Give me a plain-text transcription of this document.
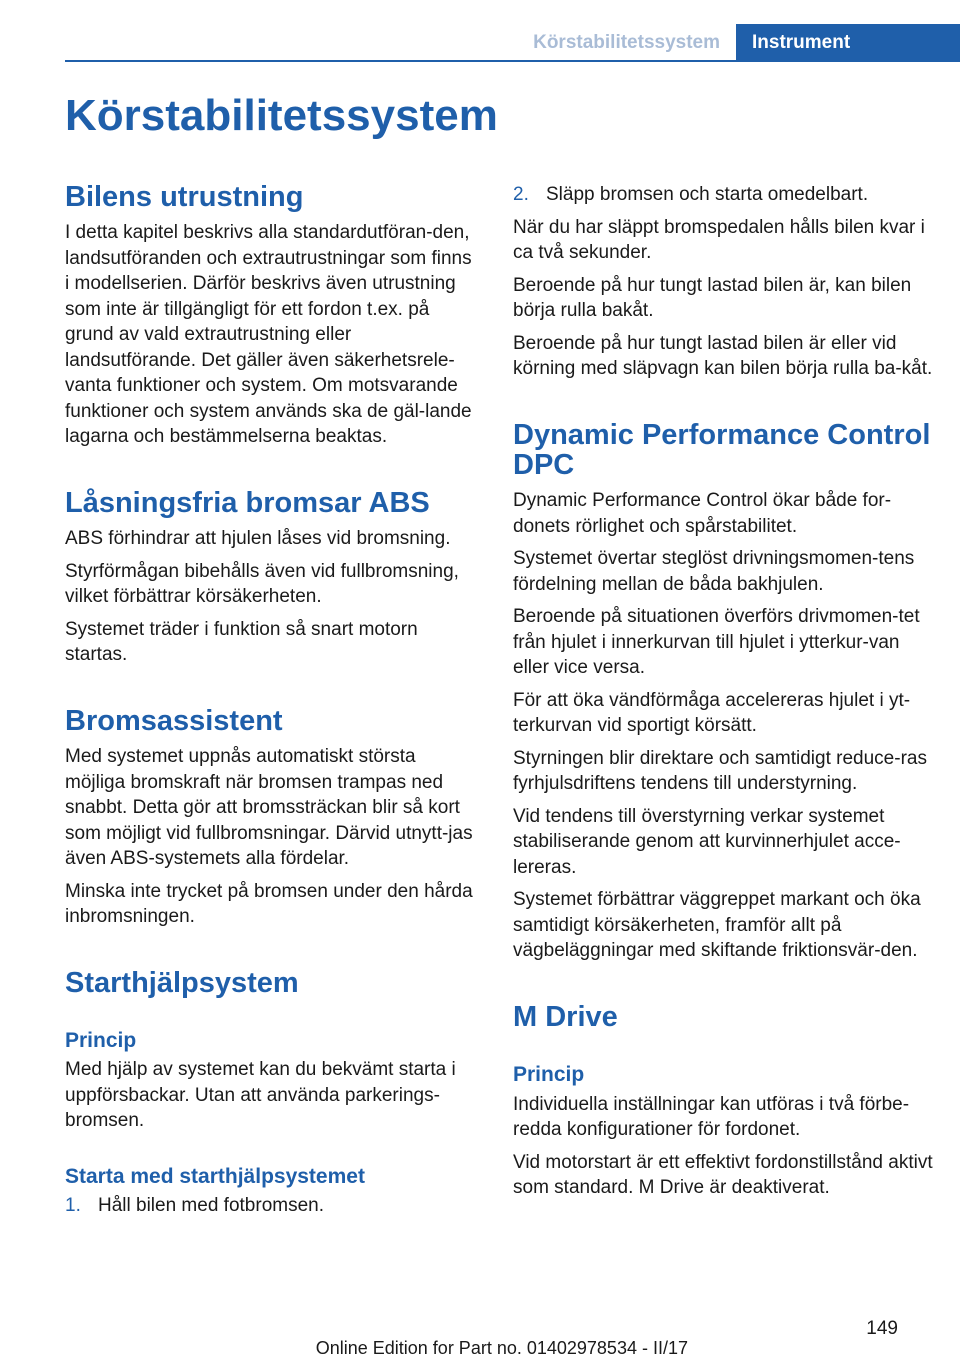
Körstabilitetssystem	Instrument
Körstabilitetssystem
Bilens utrustning

I detta kapitel beskrivs alla standardutföran-den, landsutföranden och extrautrustningar som finns i modellserien. Därför beskrivs även utrustning som inte är tillgängligt för ett fordon t.ex. på grund av vald extrautrustning eller landsutförande. Det gäller även säkerhetsrele-vanta funktioner och system. Om motsvarande funktioner och system används ska de gäl-lande lagarna och bestämmelserna beaktas.

Låsningsfria bromsar ABS

ABS förhindrar att hjulen låses vid bromsning.

Styrförmågan bibehålls även vid fullbromsning, vilket förbättrar körsäkerheten.

Systemet träder i funktion så snart motorn startas.

Bromsassistent

Med systemet uppnås automatiskt största möjliga bromskraft när bromsen trampas ned snabbt. Detta gör att bromssträckan blir så kort som möjligt vid fullbromsningar. Därvid utnytt-jas även ABS-systemets alla fördelar.

Minska inte trycket på bromsen under den hårda inbromsningen.

Starthjälpsystem
Princip

Med hjälp av systemet kan du bekvämt starta i uppförsbackar. Utan att använda parkerings-bromsen.

Starta med starthjälpsystemet
1. Håll bilen med fotbromsen.
2. Släpp bromsen och starta omedelbart.

När du har släppt bromspedalen hålls bilen kvar i ca två sekunder.

Beroende på hur tungt lastad bilen är, kan bilen börja rulla bakåt.

Beroende på hur tungt lastad bilen är eller vid körning med släpvagn kan bilen börja rulla ba-kåt.

Dynamic Performance Control DPC

Dynamic Performance Control ökar både for-donets rörlighet och spårstabilitet.

Systemet övertar steglöst drivningsmomen-tens fördelning mellan de båda bakhjulen.

Beroende på situationen överförs drivmomen-tet från hjulet i innerkurvan till hjulet i ytterkur-van eller vice versa.

För att öka vändförmåga accelereras hjulet i yt-terkurvan vid sportigt körsätt.

Styrningen blir direktare och samtidigt reduce-ras fyrhjulsdriftens tendens till understyrning.

Vid tendens till överstyrning verkar systemet stabiliserande genom att kurvinnerhjulet acce-lereras.

Systemet förbättrar väggreppet markant och öka samtidigt körsäkerheten, framför allt på vägbeläggningar med skiftande friktionsvär-den.

M Drive
Princip

Individuella inställningar kan utföras i två förbe-redda konfigurationer för fordonet.

Vid motorstart är ett effektivt fordonstillstånd aktivt som standard. M Drive är deaktiverat.

149
Online Edition for Part no. 01402978534 - II/17
